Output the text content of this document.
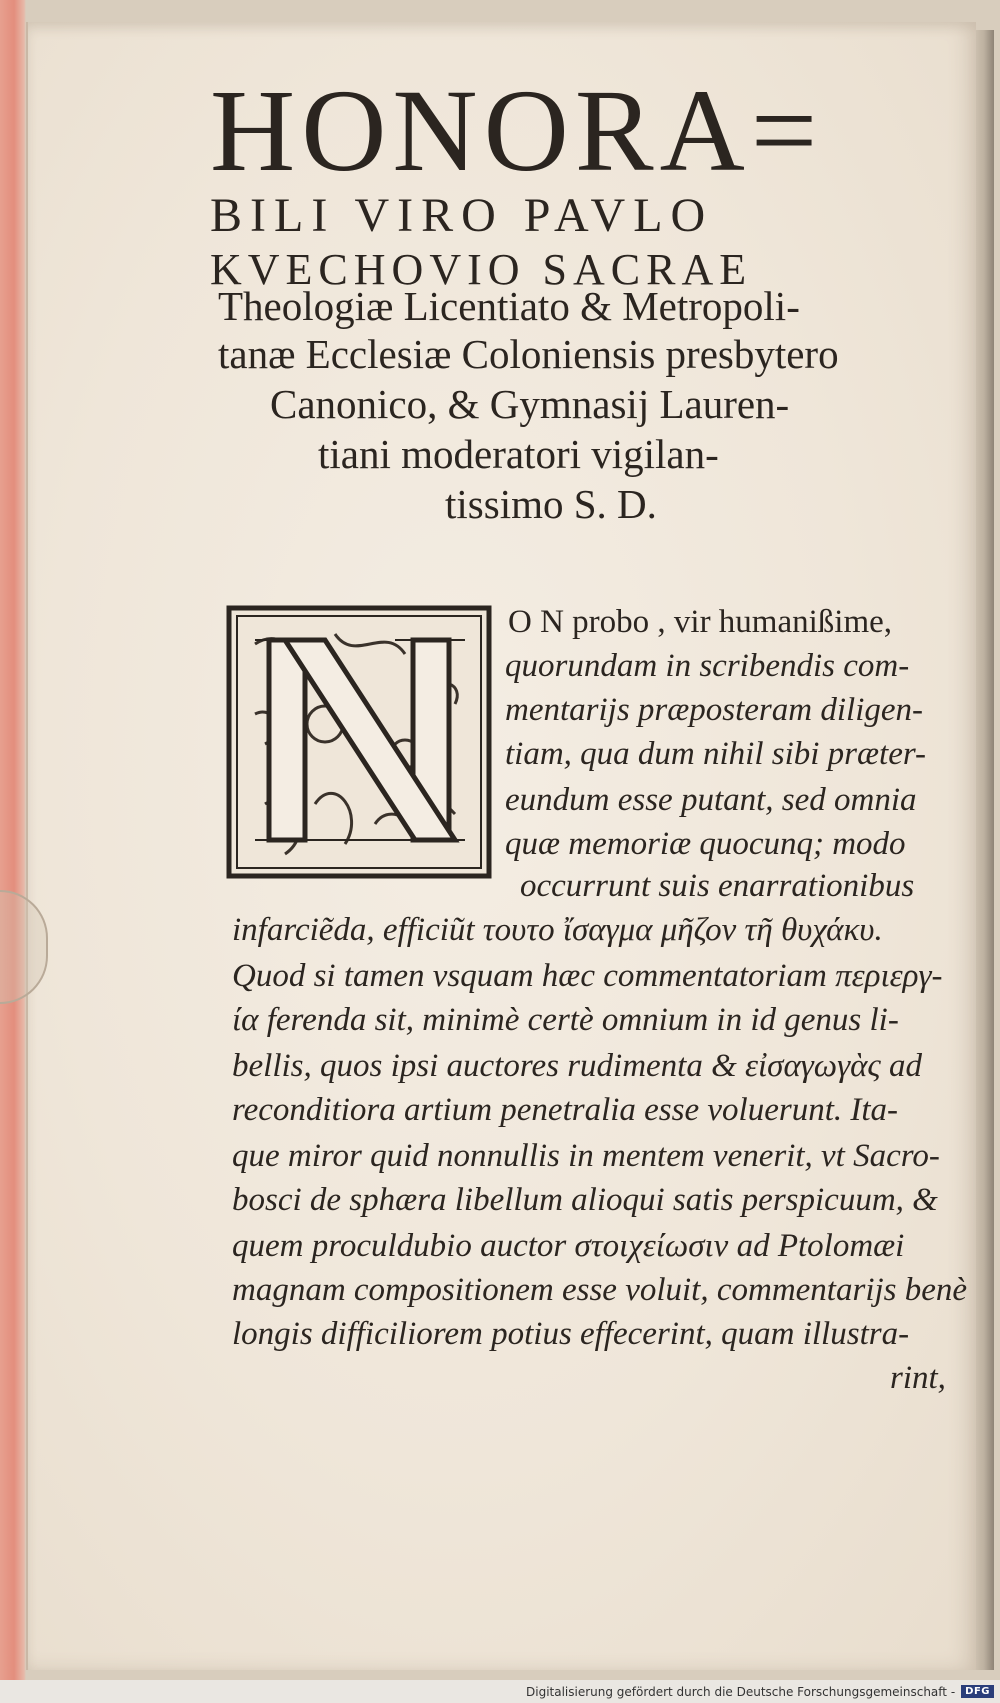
HONORA=
BILI VIRO PAVLO
KVECHOVIO SACRAE
Theologiæ Licentiato & Metropoli-
tanæ Ecclesiæ Coloniensis presbytero
Canonico, & Gymnasij Lauren-
tiani moderatori vigilan-
tissimo S. D.
O N probo , vir humanißime,
quorundam in scribendis com-
mentarijs præposteram diligen-
tiam, qua dum nihil sibi præter-
eundum esse putant, sed omnia
quæ memoriæ quocunq; modo
occurrunt suis enarrationibus
infarciẽda, efficiũt τουτο ἴσαγμα μῆζον τῆ θυχάκυ.
Quod si tamen vsquam hæc commentatoriam περιεργ-
ία ferenda sit, minimè certè omnium in id genus li-
bellis, quos ipsi auctores rudimenta & εἰσαγωγὰς ad
reconditiora artium penetralia esse voluerunt. Ita-
que miror quid nonnullis in mentem venerit, vt Sacro-
bosci de sphæra libellum alioqui satis perspicuum, &
quem proculdubio auctor στοιχείωσιν ad Ptolomæi
magnam compositionem esse voluit, commentarijs benè
longis difficiliorem potius effecerint, quam illustra-
rint,
Digitalisierung gefördert durch die Deutsche Forschungsgemeinschaft -	DFG
